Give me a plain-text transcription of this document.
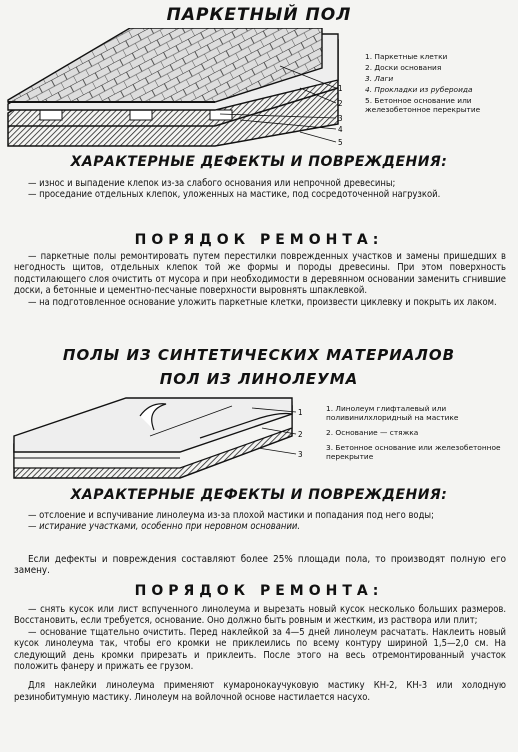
ПАРКЕТНЫЙ ПОЛ
1
2
3
4
5
1. Паркетные клетки
2. Доски основания
3. Лаги
4. Прокладки из рубероида
5. Бетонное основание или железобетонное перекрытие
ХАРАКТЕРНЫЕ ДЕФЕКТЫ И ПОВРЕЖДЕНИЯ:

— износ и выпадение клепок из-за слабого основания или непрочной древесины;

— проседание отдельных клепок, уложенных на мастике, под сосредоточенной нагрузкой.

ПОРЯДОК РЕМОНТА:

— паркетные полы ремонтировать путем перестилки поврежденных участков и замены пришедших в негодность щитов, отдельных клепок той же формы и породы древесины. При этом поверхность подстилающего слоя очистить от мусора и при необходимости в деревянном основании заменить сгнившие доски, а бетонные и цементно-песчаные поверхности выровнять шпаклевкой.

— на подготовленное основание уложить паркетные клетки, произвести циклевку и покрыть их лаком.

ПОЛЫ ИЗ СИНТЕТИЧЕСКИХ МАТЕРИАЛОВ
ПОЛ ИЗ ЛИНОЛЕУМА
1
2
3
1. Линолеум глифталевый или поливинилхлоридный на мастике
2. Основание — стяжка
3. Бетонное основание или железобетонное перекрытие
ХАРАКТЕРНЫЕ ДЕФЕКТЫ И ПОВРЕЖДЕНИЯ:

— отслоение и вспучивание линолеума из-за плохой мастики и попадания под него воды;

— истирание участками, особенно при неровном основании.

Если дефекты и повреждения составляют более 25% площади пола, то производят полную его замену.

ПОРЯДОК РЕМОНТА:

— снять кусок или лист вспученного линолеума и вырезать новый кусок несколько больших размеров. Восстановить, если требуется, основание. Оно должно быть ровным и жестким, из раствора или плит;

— основание тщательно очистить. Перед наклейкой за 4—5 дней линолеум расчатать. Наклеить новый кусок линолеума так, чтобы его кромки не приклеились по всему контуру шириной 1,5—2,0 см. На следующий день кромки прирезать и приклеить. После этого на весь отремонтированный участок положить фанеру и прижать ее грузом.

Для наклейки линолеума применяют кумаронокаучуковую мастику КН-2, КН-3 или холодную резинобитумную мастику. Линолеум на войлочной основе настилается насухо.
